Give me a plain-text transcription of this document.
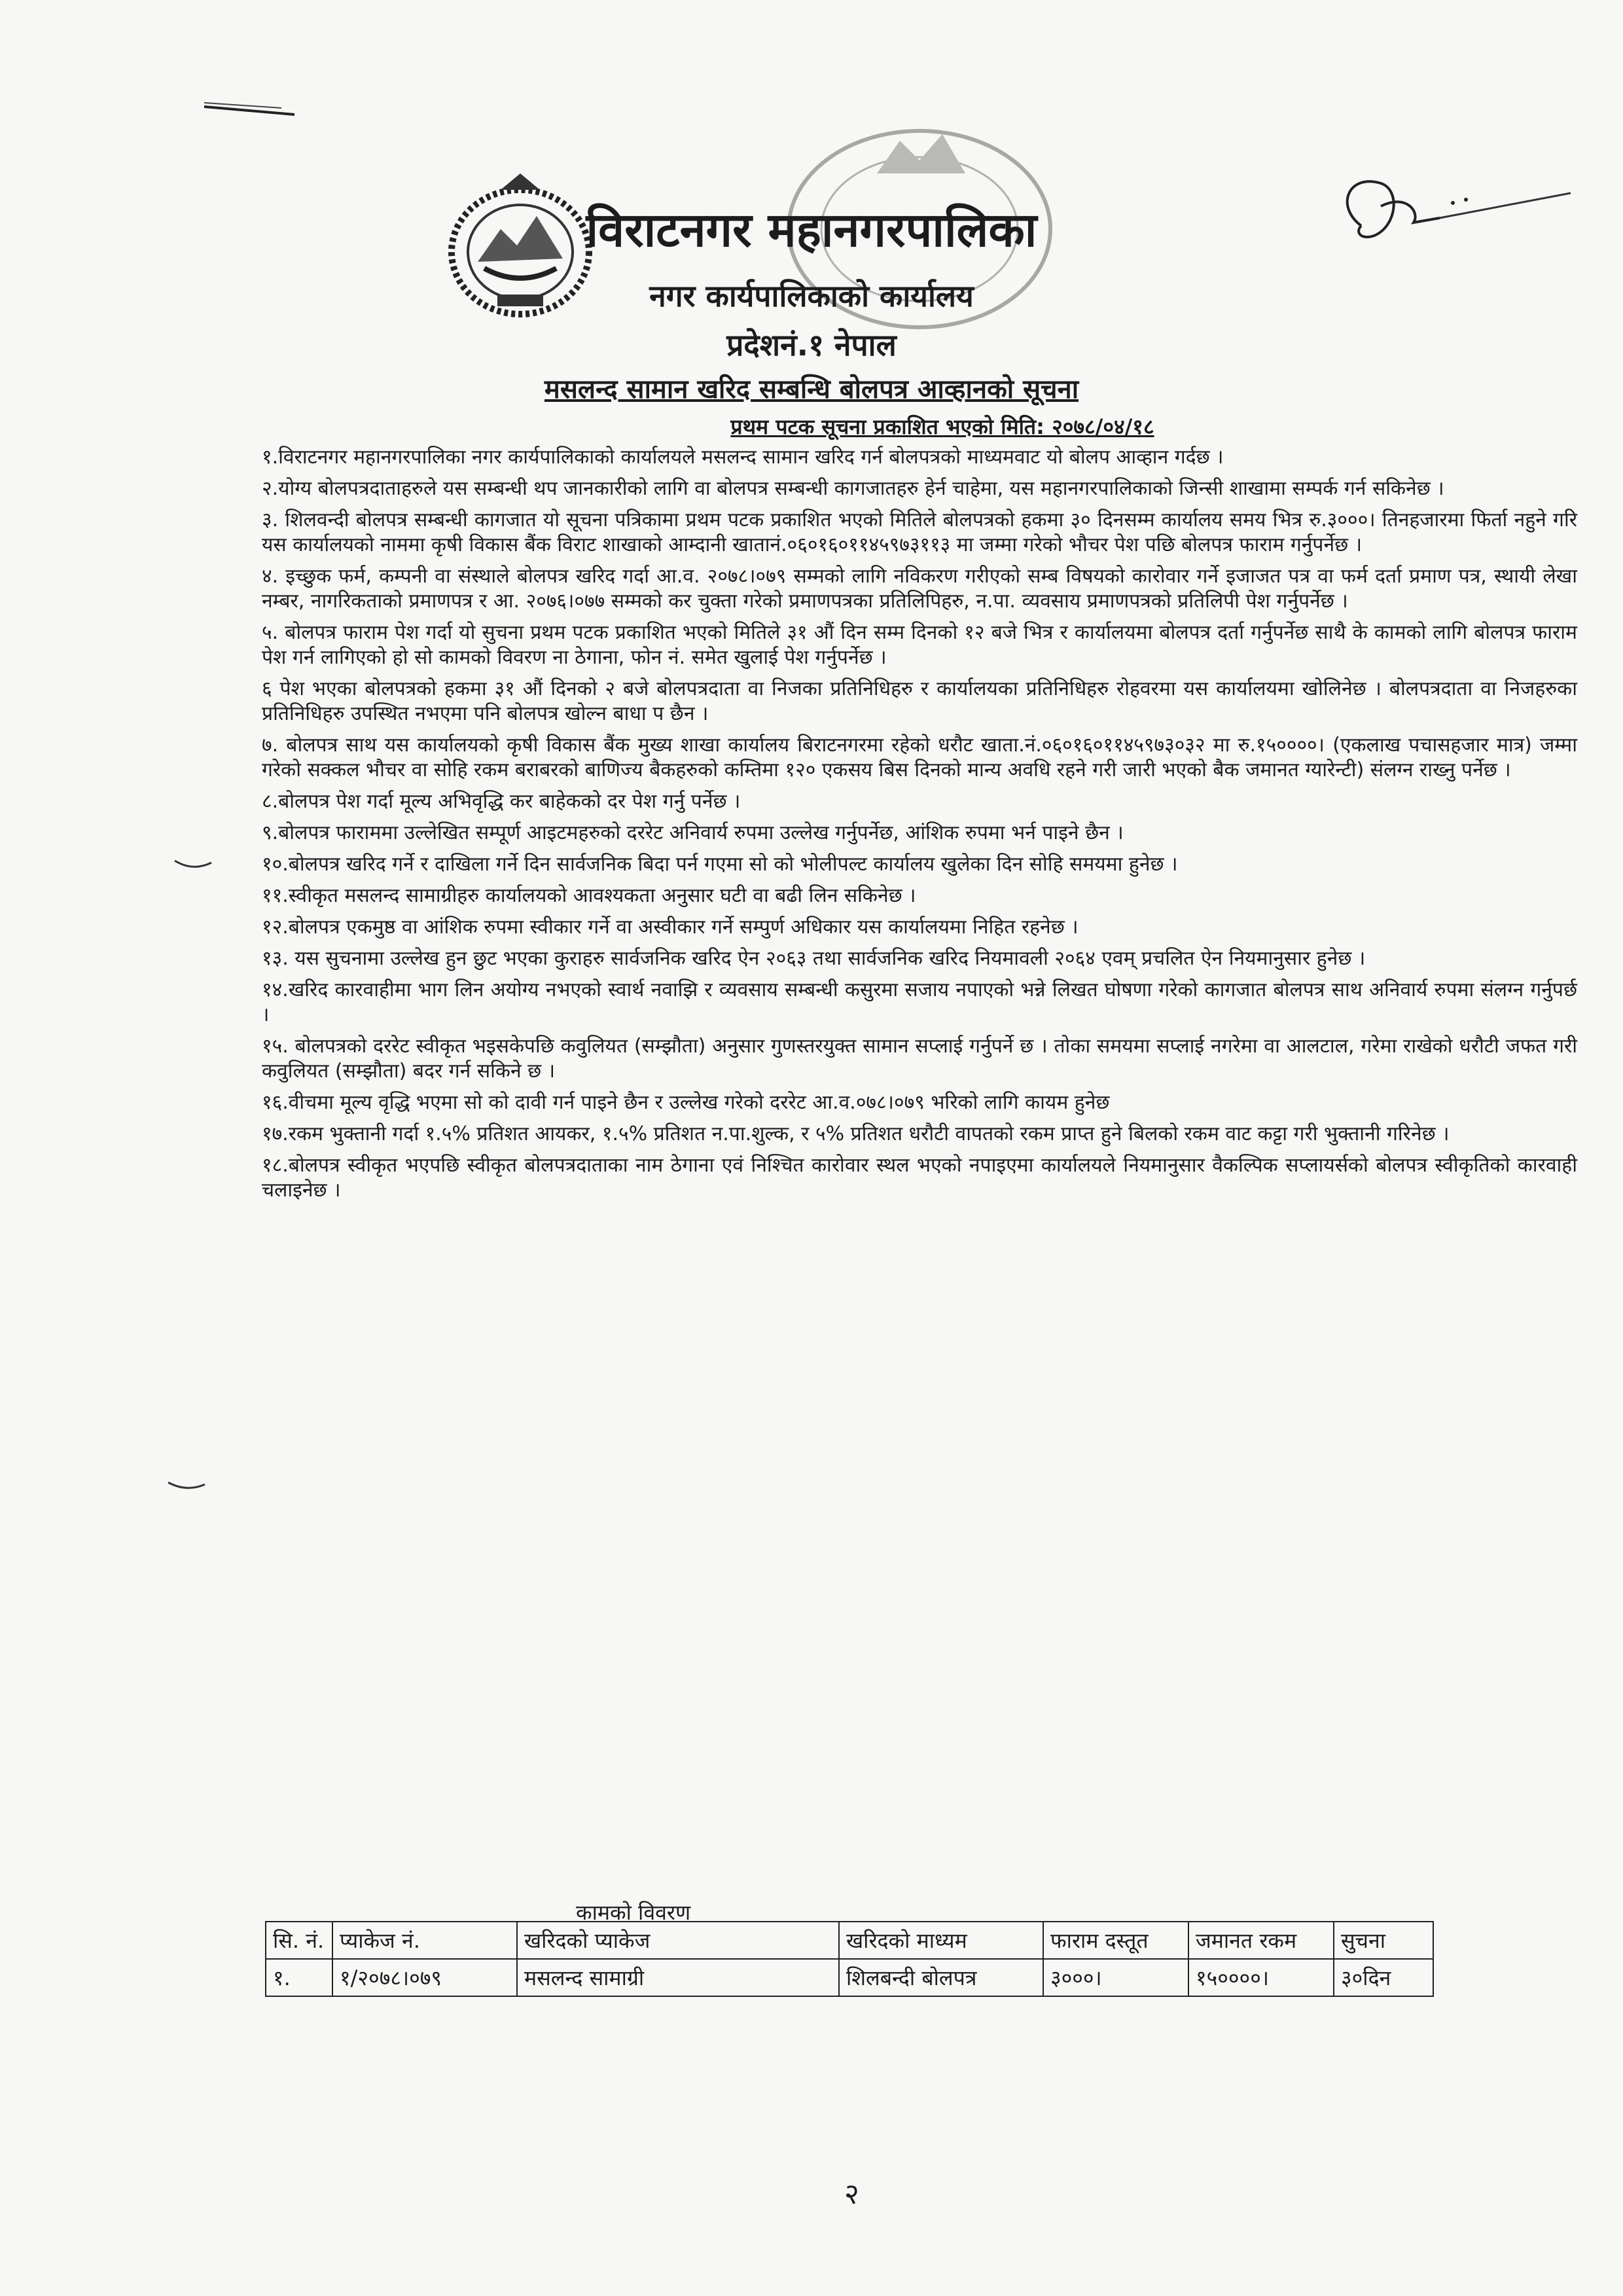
विराटनगर महानगरपालिका
नगर कार्यपालिकाको कार्यालय
प्रदेशनं.१ नेपाल
मसलन्द सामान खरिद सम्बन्धि बोलपत्र आव्हानको सूचना
प्रथम पटक सूचना प्रकाशित भएको मिति: २०७८/०४/१८

१.विराटनगर महानगरपालिका नगर कार्यपालिकाको कार्यालयले मसलन्द सामान खरिद गर्न बोलपत्रको माध्यमवाट यो बोलप आव्हान गर्दछ ।

२.योग्य बोलपत्रदाताहरुले यस सम्बन्धी थप जानकारीको लागि वा बोलपत्र सम्बन्धी कागजातहरु हेर्न चाहेमा, यस महानगरपालिकाको जिन्सी शाखामा सम्पर्क गर्न सकिनेछ ।

३. शिलवन्दी बोलपत्र सम्बन्धी कागजात यो सूचना पत्रिकामा प्रथम पटक प्रकाशित भएको मितिले बोलपत्रको हकमा ३० दिनसम्म कार्यालय समय भित्र रु.३०००। तिनहजारमा फिर्ता नहुने गरि यस कार्यालयको नाममा कृषी विकास बैंक विराट शाखाको आम्दानी खातानं.०६०१६०११४५९७३११३ मा जम्मा गरेको भौचर पेश पछि बोलपत्र फाराम गर्नुपर्नेछ ।

४. इच्छुक फर्म, कम्पनी वा संस्थाले बोलपत्र खरिद गर्दा आ.व. २०७८।०७९ सम्मको लागि नविकरण गरीएको सम्ब विषयको कारोवार गर्ने इजाजत पत्र वा फर्म दर्ता प्रमाण पत्र, स्थायी लेखा नम्बर, नागरिकताको प्रमाणपत्र र आ. २०७६।०७७ सम्मको कर चुक्ता गरेको प्रमाणपत्रका प्रतिलिपिहरु, न.पा. व्यवसाय प्रमाणपत्रको प्रतिलिपी पेश गर्नुपर्नेछ ।

५. बोलपत्र फाराम पेश गर्दा यो सुचना प्रथम पटक प्रकाशित भएको मितिले ३१ औं दिन सम्म दिनको १२ बजे भित्र र कार्यालयमा बोलपत्र दर्ता गर्नुपर्नेछ साथै के कामको लागि बोलपत्र फाराम पेश गर्न लागिएको हो सो कामको विवरण ना ठेगाना, फोन नं. समेत खुलाई पेश गर्नुपर्नेछ ।

६ पेश भएका बोलपत्रको हकमा ३१ औं दिनको २ बजे बोलपत्रदाता वा निजका प्रतिनिधिहरु र कार्यालयका प्रतिनिधिहरु रोहवरमा यस कार्यालयमा खोलिनेछ । बोलपत्रदाता वा निजहरुका प्रतिनिधिहरु उपस्थित नभएमा पनि बोलपत्र खोल्न बाधा प छैन ।

७. बोलपत्र साथ यस कार्यालयको कृषी विकास बैंक मुख्य शाखा कार्यालय बिराटनगरमा रहेको धरौट खाता.नं.०६०१६०११४५९७३०३२ मा रु.१५००००। (एकलाख पचासहजार मात्र) जम्मा गरेको सक्कल भौचर वा सोहि रकम बराबरको बाणिज्य बैकहरुको कम्तिमा १२० एकसय बिस दिनको मान्य अवधि रहने गरी जारी भएको बैक जमानत ग्यारेन्टी) संलग्न राख्नु पर्नेछ ।

८.बोलपत्र पेश गर्दा मूल्य अभिवृद्धि कर बाहेकको दर पेश गर्नु पर्नेछ ।

९.बोलपत्र फाराममा उल्लेखित सम्पूर्ण आइटमहरुको दररेट अनिवार्य रुपमा उल्लेख गर्नुपर्नेछ, आंशिक रुपमा भर्न पाइने छैन ।

१०.बोलपत्र खरिद गर्ने र दाखिला गर्ने दिन सार्वजनिक बिदा पर्न गएमा सो को भोलीपल्ट कार्यालय खुलेका दिन सोहि समयमा हुनेछ ।

११.स्वीकृत मसलन्द सामाग्रीहरु कार्यालयको आवश्यकता अनुसार घटी वा बढी लिन सकिनेछ ।

१२.बोलपत्र एकमुष्ठ वा आंशिक रुपमा स्वीकार गर्ने वा अस्वीकार गर्ने सम्पुर्ण अधिकार यस कार्यालयमा निहित रहनेछ ।

१३. यस सुचनामा उल्लेख हुन छुट भएका कुराहरु सार्वजनिक खरिद ऐन २०६३ तथा सार्वजनिक खरिद नियमावली २०६४ एवम् प्रचलित ऐन नियमानुसार हुनेछ ।

१४.खरिद कारवाहीमा भाग लिन अयोग्य नभएको स्वार्थ नवाझि र व्यवसाय सम्बन्धी कसुरमा सजाय नपाएको भन्ने लिखत घोषणा गरेको कागजात बोलपत्र साथ अनिवार्य रुपमा संलग्न गर्नुपर्छ ।

१५. बोलपत्रको दररेट स्वीकृत भइसकेपछि कवुलियत (सम्झौता) अनुसार गुणस्तरयुक्त सामान सप्लाई गर्नुपर्ने छ । तोका समयमा सप्लाई नगरेमा वा आलटाल, गरेमा राखेको धरौटी जफत गरी कवुलियत (सम्झौता) बदर गर्न सकिने छ ।

१६.वीचमा मूल्य वृद्धि भएमा सो को दावी गर्न पाइने छैन र उल्लेख गरेको दररेट आ.व.०७८।०७९ भरिको लागि कायम हुनेछ

१७.रकम भुक्तानी गर्दा १.५% प्रतिशत आयकर, १.५% प्रतिशत न.पा.शुल्क, र ५% प्रतिशत धरौटी वापतको रकम प्राप्त हुने बिलको रकम वाट कट्टा गरी भुक्तानी गरिनेछ ।

१८.बोलपत्र स्वीकृत भएपछि स्वीकृत बोलपत्रदाताका नाम ठेगाना एवं निश्चित कारोवार स्थल भएको नपाइएमा कार्यालयले नियमानुसार वैकल्पिक सप्लायर्सको बोलपत्र स्वीकृतिको कारवाही चलाइनेछ ।

कामको विवरण
सि. नं.	प्याकेज नं.	खरिदको प्याकेज	खरिदको माध्यम	फाराम दस्तूत	जमानत रकम	सुचना
१.	१/२०७८।०७९	मसलन्द सामाग्री	शिलबन्दी बोलपत्र	३०००।	१५००००।	३०दिन
२
